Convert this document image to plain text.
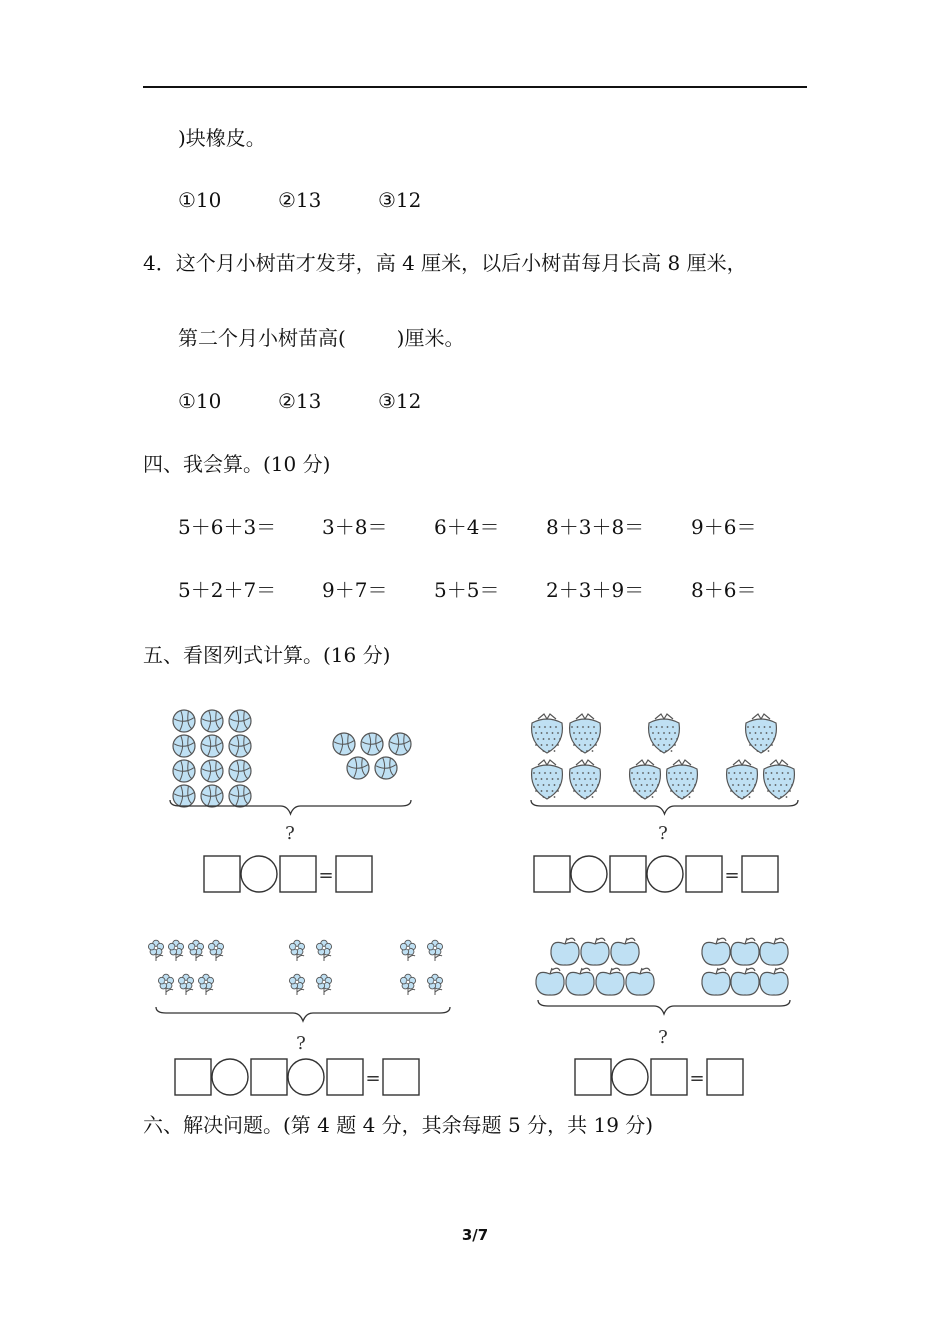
)块橡皮。
①10	②13	③12
4．这个月小树苗才发芽，高 4 厘米，以后小树苗每月长高 8 厘米，
第二个月小树苗高(        )厘米。
①10	②13	③12
四、我会算。(10 分)
5＋6＋3＝ 3＋8＝ 6＋4＝ 8＋3＋8＝ 9＋6＝
5＋2＋7＝ 9＋7＝ 5＋5＝ 2＋3＋9＝ 8＋6＝
五、看图列式计算。(16 分)
?
=
?
=
?
=
?
=
六、解决问题。(第 4 题 4 分，其余每题 5 分，共 19 分)
3/7
